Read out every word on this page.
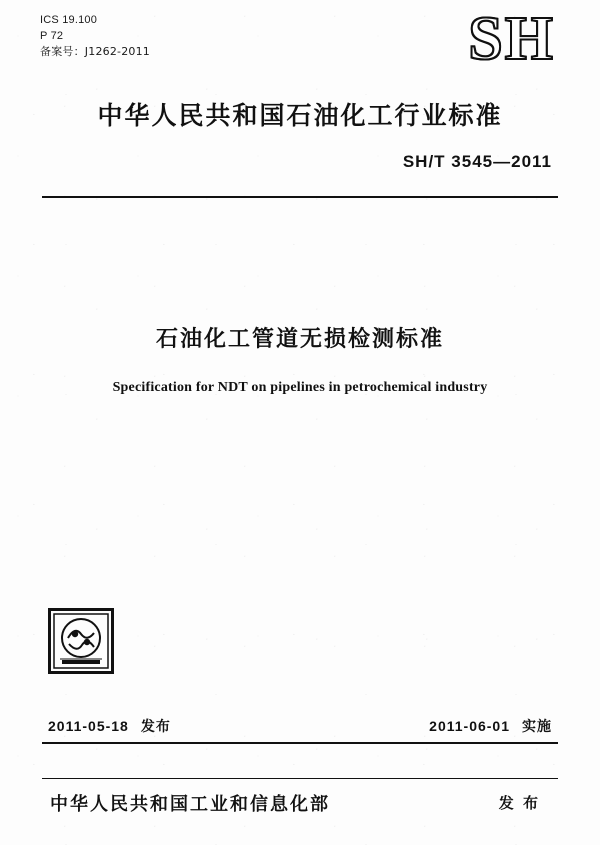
ICS 19.100
P 72
备案号：J1262-2011	SH
中华人民共和国石油化工行业标准
SH/T 3545—2011
石油化工管道无损检测标准
Specification for NDT on pipelines in petrochemical industry
2011-05-18 发布	2011-06-01 实施
中华人民共和国工业和信息化部	发 布
